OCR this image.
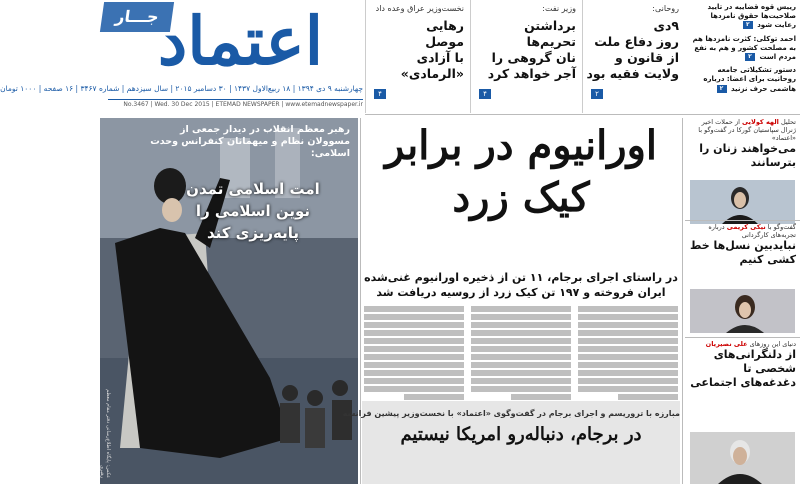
رییس قوه قضاییه در تایید صلاحیت‌ها حقوق نامزدها رعایت شود ۲
احمد توکلی: کثرت نامزدها هم به مصلحت کشور و هم به نفع مردم است ۲
دستور تشکیلاتی جامعه روحانیت برای اعضا: درباره هاشمی حرف نزنید ۲
روحانی:
۹دی
روز دفاع ملت
از قانون و
ولایت فقیه بود
۲
وزیر نفت:
برداشتن
تحریم‌ها
نان گروهی را
آجر خواهد کرد
۴
نخست‌وزیر عراق وعده داد
رهایی
موصل
با آزادی
«الرمادی»
۴
جـــار
اعتماد
چهارشنبه ۹ دی ۱۳۹۴ | ۱۸ ربیع‌الاول ۱۴۳۷ | ۳۰ دسامبر ۲۰۱۵ | سال سیزدهم | شماره ۳۴۶۷ | ۱۶ صفحه | ۱۰۰۰ تومان
No.3467 | Wed. 30 Dec 2015 | ETEMAD NEWSPAPER | www.etemadnewspaper.ir
رهبر معظم انقلاب در دیدار جمعی از مسوولان نظام و میهمانان کنفرانس وحدت اسلامی:
امت اسلامی تمدن نوین اسلامی را پایه‌ریزی کند
عکس: پایگاه اطلاع‌رسانی دفتر مقام معظم رهبری
اورانیوم در برابر کیک زرد
در راستای اجرای برجام، ۱۱ تن از ذخیره اورانیوم غنی‌شده ایران فروخته و ۱۹۷ تن کیک زرد از روسیه دریافت شد
مبارزه با تروریسم و اجرای برجام در گفت‌وگوی «اعتماد» با نخست‌وزیر پیشین فرانسه
در برجام، دنباله‌رو امریکا نیستیم
تحلیل الهه کولایی از حملات اخیر ژنرال سپاستیان گورکا در گفت‌وگو با «اعتماد»
می‌خواهند زنان را بترسانند
گفت‌وگو با نیکی کریمی درباره تجربه‌های کارگردانی
نبایدبین نسل‌ها خط کشی کنیم
دنیای این روزهای علی نصیریان
از دلنگرانی‌های شخصی تا دغدغه‌های اجتماعی
